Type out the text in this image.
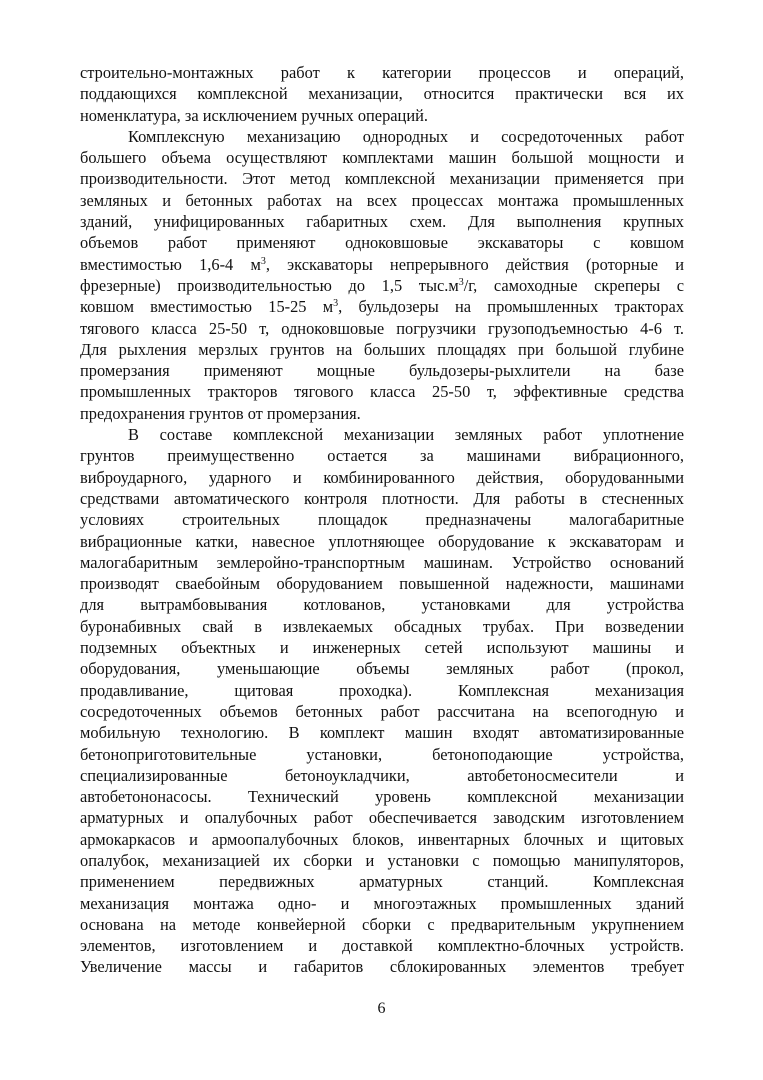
строительно-монтажных работ к категории процессов и операций,
поддающихся комплексной механизации, относится практически вся их
номенклатура, за исключением ручных операций.
Комплексную механизацию однородных и сосредоточенных работ
большего объема осуществляют комплектами машин большой мощности и
производительности. Этот метод комплексной механизации применяется при
земляных и бетонных работах на всех процессах монтажа промышленных
зданий, унифицированных габаритных схем. Для выполнения крупных
объемов работ применяют одноковшовые экскаваторы с ковшом
вместимостью 1,6-4 $м^3$, экскаваторы непрерывного действия (роторные и
фрезерные) производительностью до 1,5 $тыс.м^3/г$, самоходные скреперы с
ковшом вместимостью 15-25 $м^3$, бульдозеры на промышленных тракторах
тягового класса 25-50 т, одноковшовые погрузчики грузоподъемностью 4-6 т.
Для рыхления мерзлых грунтов на больших площадях при большой глубине
промерзания применяют мощные бульдозеры-рыхлители на базе
промышленных тракторов тягового класса 25-50 т, эффективные средства
предохранения грунтов от промерзания.
В составе комплексной механизации земляных работ уплотнение
грунтов преимущественно остается за машинами вибрационного,
виброударного, ударного и комбинированного действия, оборудованными
средствами автоматического контроля плотности. Для работы в стесненных
условиях строительных площадок предназначены малогабаритные
вибрационные катки, навесное уплотняющее оборудование к экскаваторам и
малогабаритным землеройно-транспортным машинам. Устройство оснований
производят сваебойным оборудованием повышенной надежности, машинами
для вытрамбовывания котлованов, установками для устройства
буронабивных свай в извлекаемых обсадных трубах. При возведении
подземных объектных и инженерных сетей используют машины и
оборудования, уменьшающие объемы земляных работ (прокол,
продавливание, щитовая проходка). Комплексная механизация
сосредоточенных объемов бетонных работ рассчитана на всепогодную и
мобильную технологию. В комплект машин входят автоматизированные
бетоноприготовительные установки, бетоноподающие устройства,
специализированные бетоноукладчики, автобетоносмесители и
автобетононасосы. Технический уровень комплексной механизации
арматурных и опалубочных работ обеспечивается заводским изготовлением
армокаркасов и армоопалубочных блоков, инвентарных блочных и щитовых
опалубок, механизацией их сборки и установки с помощью манипуляторов,
применением передвижных арматурных станций. Комплексная
механизация монтажа одно- и многоэтажных промышленных зданий
основана на методе конвейерной сборки с предварительным укрупнением
элементов, изготовлением и доставкой комплектно-блочных устройств.
Увеличение массы и габаритов сблокированных элементов требует
6
